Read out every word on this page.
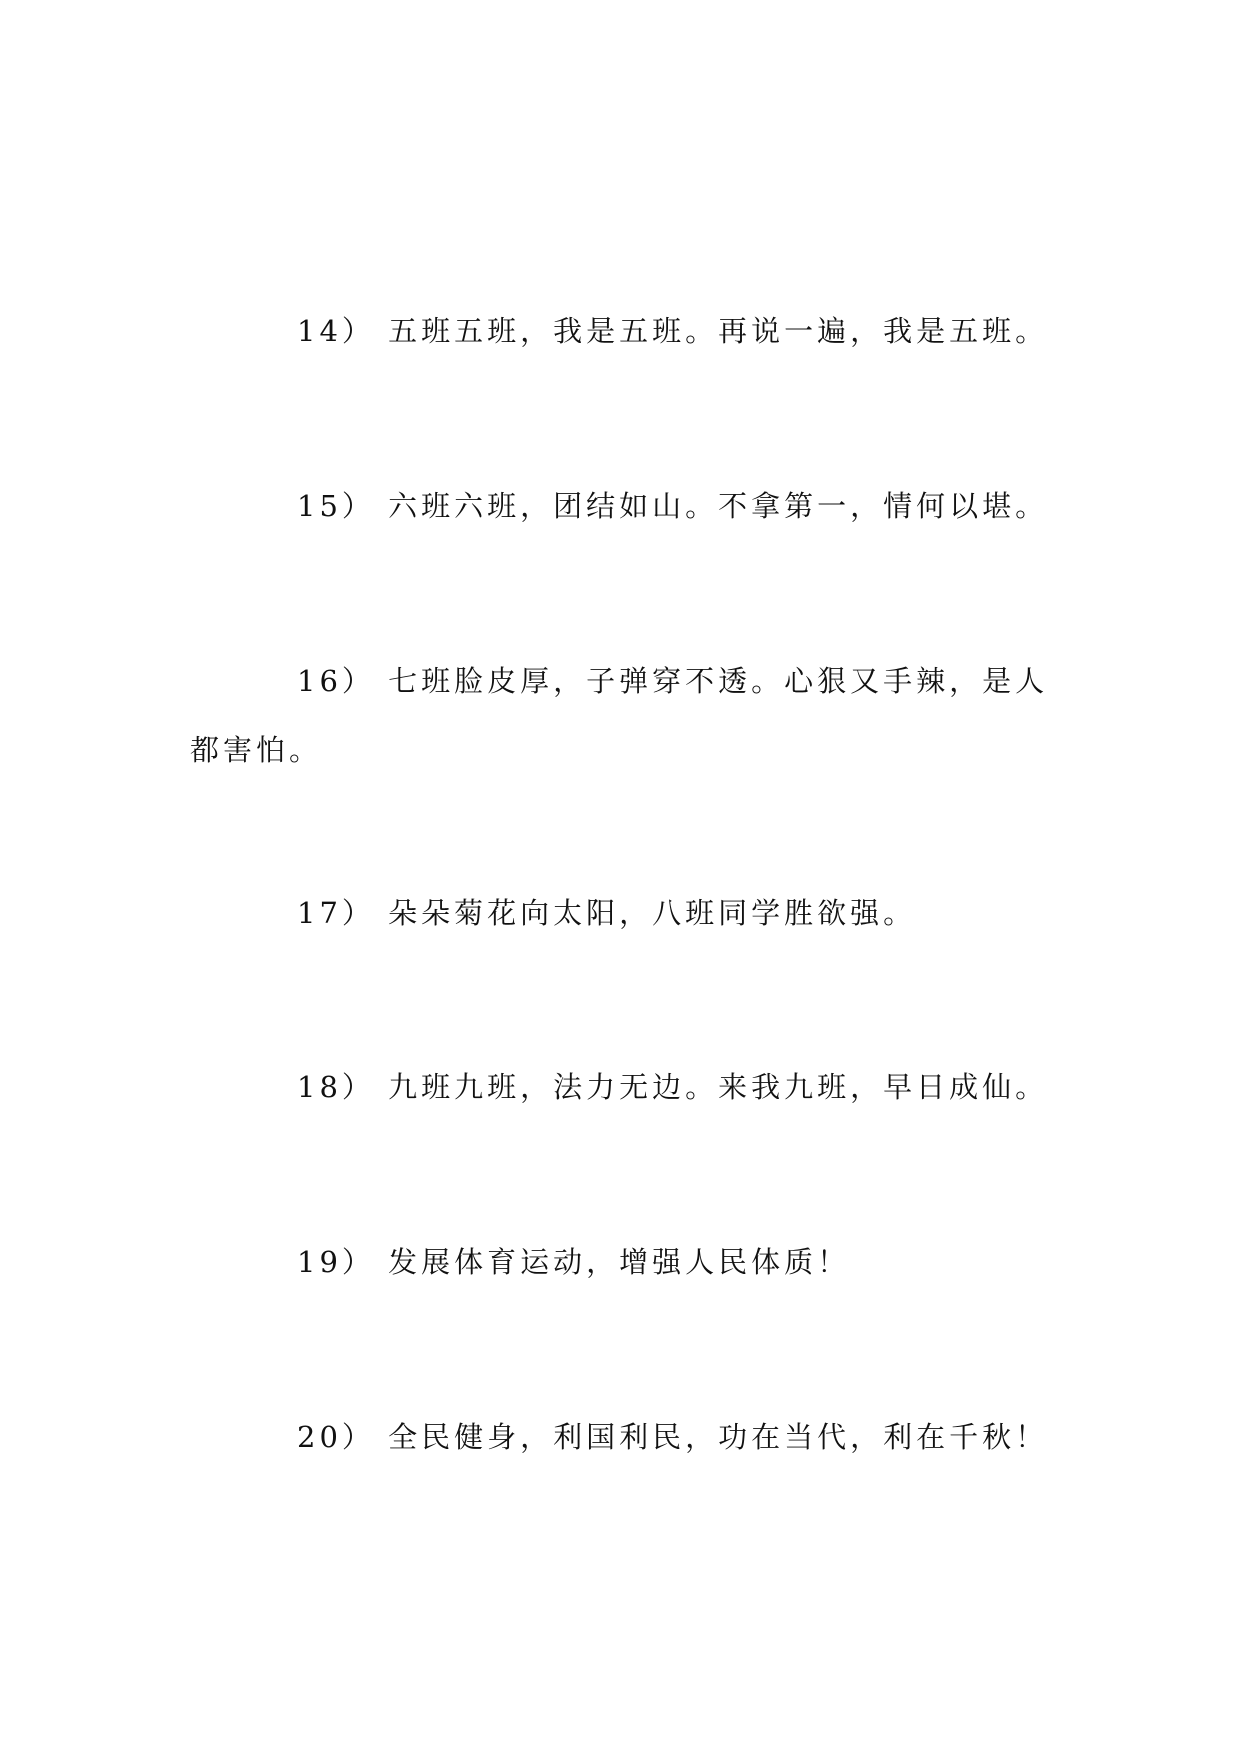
14） 五班五班，我是五班。再说一遍，我是五班。

15） 六班六班，团结如山。不拿第一，情何以堪。

16） 七班脸皮厚，子弹穿不透。心狠又手辣，是人都害怕。

17） 朵朵菊花向太阳，八班同学胜欲强。

18） 九班九班，法力无边。来我九班，早日成仙。

19） 发展体育运动，增强人民体质！

20） 全民健身，利国利民，功在当代，利在千秋！
